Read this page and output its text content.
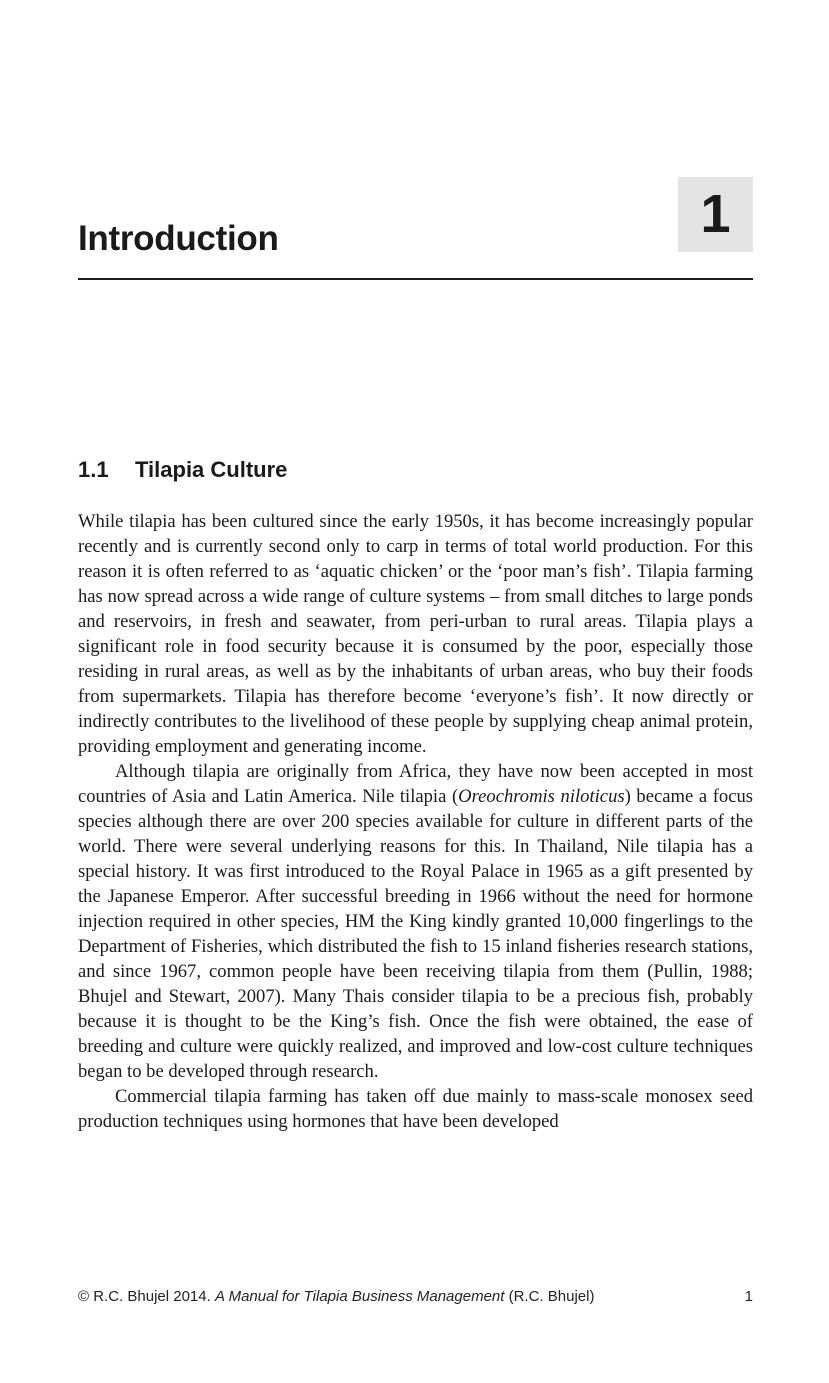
Introduction	1
1.1 Tilapia Culture

While tilapia has been cultured since the early 1950s, it has become increasingly popular recently and is currently second only to carp in terms of total world production. For this reason it is often referred to as ‘aquatic chicken’ or the ‘poor man’s fish’. Tilapia farming has now spread across a wide range of culture systems – from small ditches to large ponds and reservoirs, in fresh and seawater, from peri-urban to rural areas. Tilapia plays a significant role in food security because it is consumed by the poor, especially those residing in rural areas, as well as by the inhabitants of urban areas, who buy their foods from supermarkets. Tilapia has therefore become ‘everyone’s fish’. It now directly or indirectly contributes to the livelihood of these people by supplying cheap animal protein, providing employment and generating income.

Although tilapia are originally from Africa, they have now been accepted in most countries of Asia and Latin America. Nile tilapia (Oreochromis niloticus) became a focus species although there are over 200 species available for culture in different parts of the world. There were several underlying reasons for this. In Thailand, Nile tilapia has a special history. It was first introduced to the Royal Palace in 1965 as a gift presented by the Japanese Emperor. After successful breeding in 1966 without the need for hormone injection required in other species, HM the King kindly granted 10,000 fingerlings to the Department of Fisheries, which distributed the fish to 15 inland fisheries research stations, and since 1967, common people have been receiving tilapia from them (Pullin, 1988; Bhujel and Stewart, 2007). Many Thais consider tilapia to be a precious fish, probably because it is thought to be the King’s fish. Once the fish were obtained, the ease of breeding and culture were quickly realized, and improved and low-cost culture techniques began to be developed through research.

Commercial tilapia farming has taken off due mainly to mass-scale monosex seed production techniques using hormones that have been developed

© R.C. Bhujel 2014. A Manual for Tilapia Business Management (R.C. Bhujel)	1
